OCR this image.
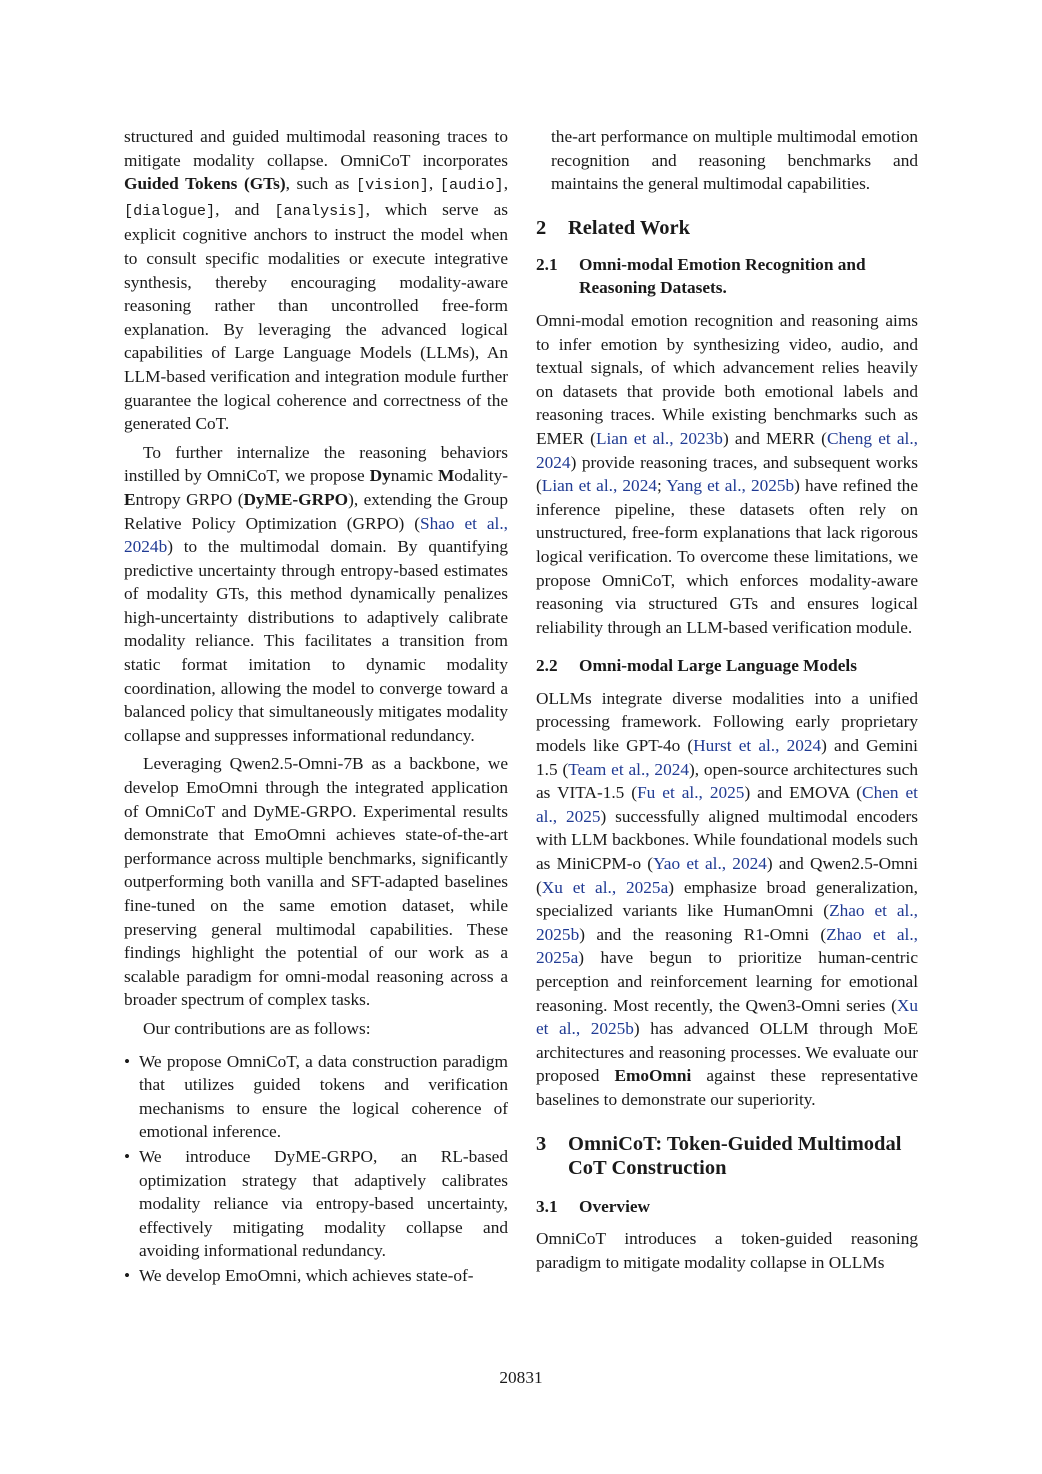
structured and guided multimodal reasoning traces to mitigate modality collapse. OmniCoT incorporates Guided Tokens (GTs), such as [vision], [audio], [dialogue], and [analysis], which serve as explicit cognitive anchors to instruct the model when to consult specific modalities or execute integrative synthesis, thereby encouraging modality-aware reasoning rather than uncontrolled free-form explanation. By leveraging the advanced logical capabilities of Large Language Models (LLMs), An LLM-based verification and integration module further guarantee the logical coherence and correctness of the generated CoT.

To further internalize the reasoning behaviors instilled by OmniCoT, we propose Dynamic Modality-Entropy GRPO (DyME-GRPO), extending the Group Relative Policy Optimization (GRPO) (Shao et al., 2024b) to the multimodal domain. By quantifying predictive uncertainty through entropy-based estimates of modality GTs, this method dynamically penalizes high-uncertainty distributions to adaptively calibrate modality reliance. This facilitates a transition from static format imitation to dynamic modality coordination, allowing the model to converge toward a balanced policy that simultaneously mitigates modality collapse and suppresses informational redundancy.

Leveraging Qwen2.5-Omni-7B as a backbone, we develop EmoOmni through the integrated application of OmniCoT and DyME-GRPO. Experimental results demonstrate that EmoOmni achieves state-of-the-art performance across multiple benchmarks, significantly outperforming both vanilla and SFT-adapted baselines fine-tuned on the same emotion dataset, while preserving general multimodal capabilities. These findings highlight the potential of our work as a scalable paradigm for omni-modal reasoning across a broader spectrum of complex tasks.

Our contributions are as follows:

• We propose OmniCoT, a data construction paradigm that utilizes guided tokens and verification mechanisms to ensure the logical coherence of emotional inference.
• We introduce DyME-GRPO, an RL-based optimization strategy that adaptively calibrates modality reliance via entropy-based uncertainty, effectively mitigating modality collapse and avoiding informational redundancy.
• We develop EmoOmni, which achieves state-of-

the-art performance on multiple multimodal emotion recognition and reasoning benchmarks and maintains the general multimodal capabilities.

2	Related Work
2.1	Omni-modal Emotion Recognition and Reasoning Datasets.

Omni-modal emotion recognition and reasoning aims to infer emotion by synthesizing video, audio, and textual signals, of which advancement relies heavily on datasets that provide both emotional labels and reasoning traces. While existing benchmarks such as EMER (Lian et al., 2023b) and MERR (Cheng et al., 2024) provide reasoning traces, and subsequent works (Lian et al., 2024; Yang et al., 2025b) have refined the inference pipeline, these datasets often rely on unstructured, free-form explanations that lack rigorous logical verification. To overcome these limitations, we propose OmniCoT, which enforces modality-aware reasoning via structured GTs and ensures logical reliability through an LLM-based verification module.

2.2	Omni-modal Large Language Models

OLLMs integrate diverse modalities into a unified processing framework. Following early proprietary models like GPT-4o (Hurst et al., 2024) and Gemini 1.5 (Team et al., 2024), open-source architectures such as VITA-1.5 (Fu et al., 2025) and EMOVA (Chen et al., 2025) successfully aligned multimodal encoders with LLM backbones. While foundational models such as MiniCPM-o (Yao et al., 2024) and Qwen2.5-Omni (Xu et al., 2025a) emphasize broad generalization, specialized variants like HumanOmni (Zhao et al., 2025b) and the reasoning R1-Omni (Zhao et al., 2025a) have begun to prioritize human-centric perception and reinforcement learning for emotional reasoning. Most recently, the Qwen3-Omni series (Xu et al., 2025b) has advanced OLLM through MoE architectures and reasoning processes. We evaluate our proposed EmoOmni against these representative baselines to demonstrate our superiority.

3	OmniCoT: Token-Guided Multimodal CoT Construction
3.1	Overview

OmniCoT introduces a token-guided reasoning paradigm to mitigate modality collapse in OLLMs

20831
